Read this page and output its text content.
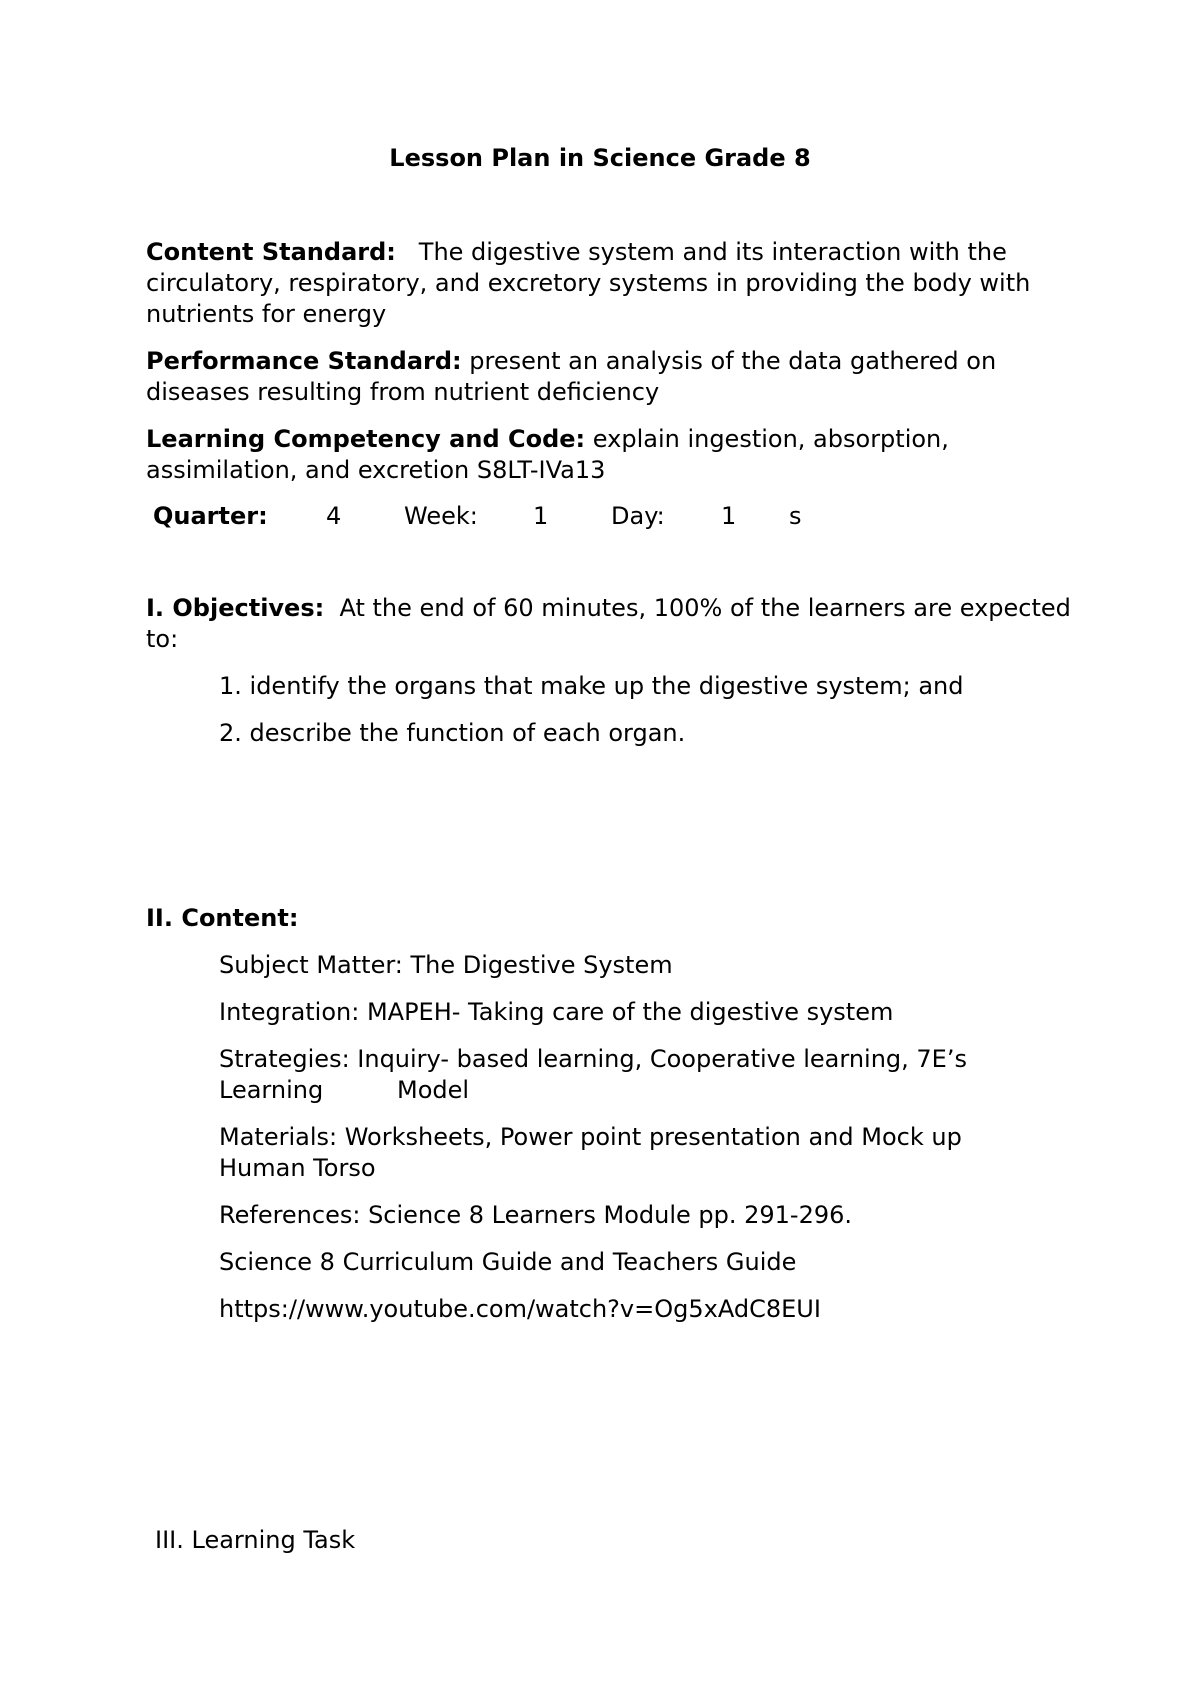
Lesson Plan in Science Grade 8

Content Standard: The digestive system and its interaction with the circulatory, respiratory, and excretory systems in providing the body with nutrients for energy

Performance Standard: present an analysis of the data gathered on diseases resulting from nutrient deficiency

Learning Competency and Code: explain ingestion, absorption, assimilation, and excretion S8LT-IVa13

Quarter: 4	Week: 1	Day: 1 s

I. Objectives: At the end of 60 minutes, 100% of the learners are expected to:

1. identify the organs that make up the digestive system; and

2. describe the function of each organ.

II. Content:

Subject Matter: The Digestive System

Integration: MAPEH- Taking care of the digestive system

Strategies: Inquiry- based learning, Cooperative learning, 7E’s

Learning	Model

Materials: Worksheets, Power point presentation and Mock up Human Torso

References: Science 8 Learners Module pp. 291-296.

Science 8 Curriculum Guide and Teachers Guide

https://www.youtube.com/watch?v=Og5xAdC8EUI

III. Learning Task
